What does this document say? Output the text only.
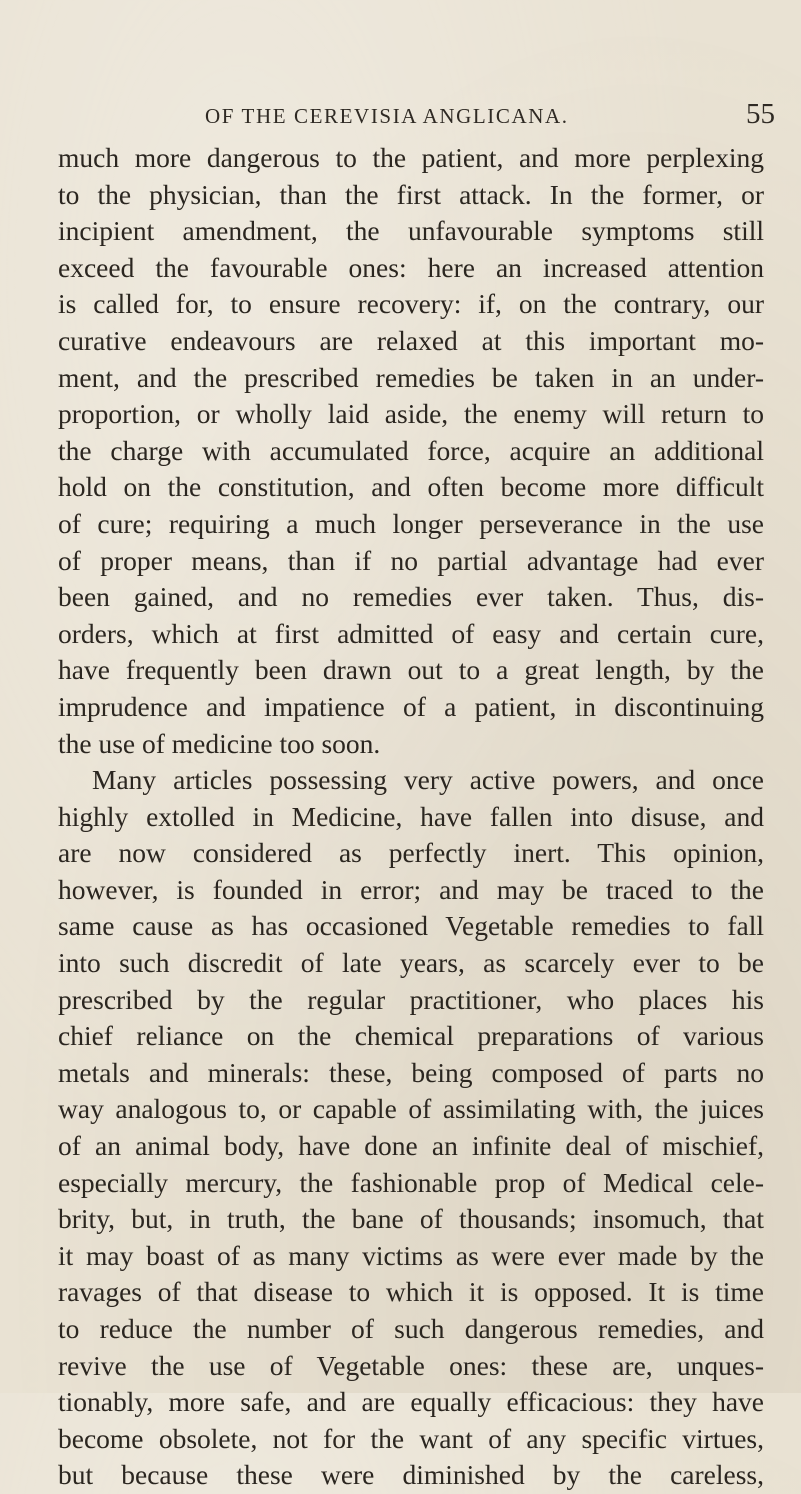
OF THE CEREVISIA ANGLICANA.	55
much more dangerous to the patient, and more perplexing
to the physician, than the first attack. In the former, or
incipient amendment, the unfavourable symptoms still
exceed the favourable ones: here an increased attention
is called for, to ensure recovery: if, on the contrary, our
curative endeavours are relaxed at this important mo-
ment, and the prescribed remedies be taken in an under-
proportion, or wholly laid aside, the enemy will return to
the charge with accumulated force, acquire an additional
hold on the constitution, and often become more difficult
of cure; requiring a much longer perseverance in the use
of proper means, than if no partial advantage had ever
been gained, and no remedies ever taken. Thus, dis-
orders, which at first admitted of easy and certain cure,
have frequently been drawn out to a great length, by the
imprudence and impatience of a patient, in discontinuing
the use of medicine too soon.
Many articles possessing very active powers, and once
highly extolled in Medicine, have fallen into disuse, and
are now considered as perfectly inert. This opinion,
however, is founded in error; and may be traced to the
same cause as has occasioned Vegetable remedies to fall
into such discredit of late years, as scarcely ever to be
prescribed by the regular practitioner, who places his
chief reliance on the chemical preparations of various
metals and minerals: these, being composed of parts no
way analogous to, or capable of assimilating with, the juices
of an animal body, have done an infinite deal of mischief,
especially mercury, the fashionable prop of Medical cele-
brity, but, in truth, the bane of thousands; insomuch, that
it may boast of as many victims as were ever made by the
ravages of that disease to which it is opposed. It is time
to reduce the number of such dangerous remedies, and
revive the use of Vegetable ones: these are, unques-
tionably, more safe, and are equally efficacious: they have
become obsolete, not for the want of any specific virtues,
but because these were diminished by the careless,
